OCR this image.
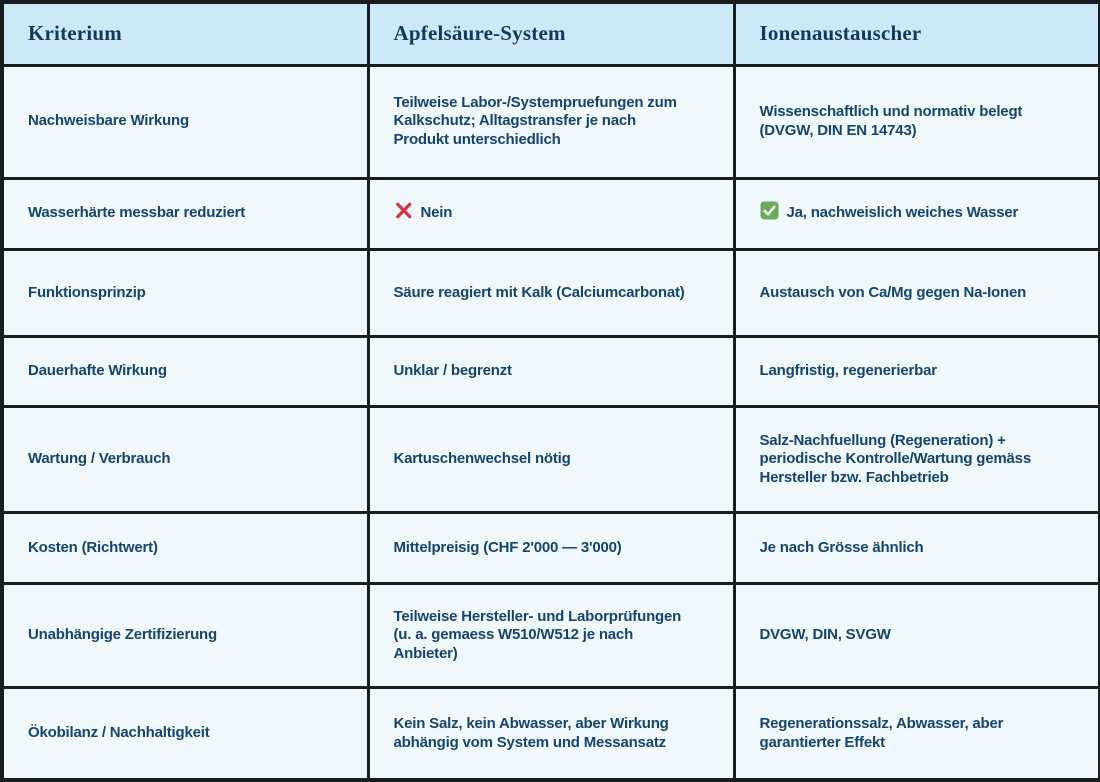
Kriterium	Apfelsäure-System	Ionenaustauscher
Nachweisbare Wirkung	Teilweise Labor-/Systempruefungen zum Kalkschutz; Alltagstransfer je nach Produkt unterschiedlich	Wissenschaftlich und normativ belegt (DVGW, DIN EN 14743)
Wasserhärte messbar reduziert	Nein	Ja, nachweislich weiches Wasser

Funktionsprinzip	Säure reagiert mit Kalk (Calciumcarbonat)	Austausch von Ca/Mg gegen Na-Ionen
Dauerhafte Wirkung	Unklar / begrenzt	Langfristig, regenerierbar
Wartung / Verbrauch	Kartuschenwechsel nötig	Salz-Nachfuellung (Regeneration) + periodische Kontrolle/Wartung gemäss Hersteller bzw. Fachbetrieb
Kosten (Richtwert)	Mittelpreisig (CHF 2'000 — 3'000)	Je nach Grösse ähnlich
Unabhängige Zertifizierung	Teilweise Hersteller- und Laborprüfungen (u. a. gemaess W510/W512 je nach Anbieter)	DVGW, DIN, SVGW
Ökobilanz / Nachhaltigkeit	Kein Salz, kein Abwasser, aber Wirkung abhängig vom System und Messansatz	Regenerationssalz, Abwasser, aber garantierter Effekt
